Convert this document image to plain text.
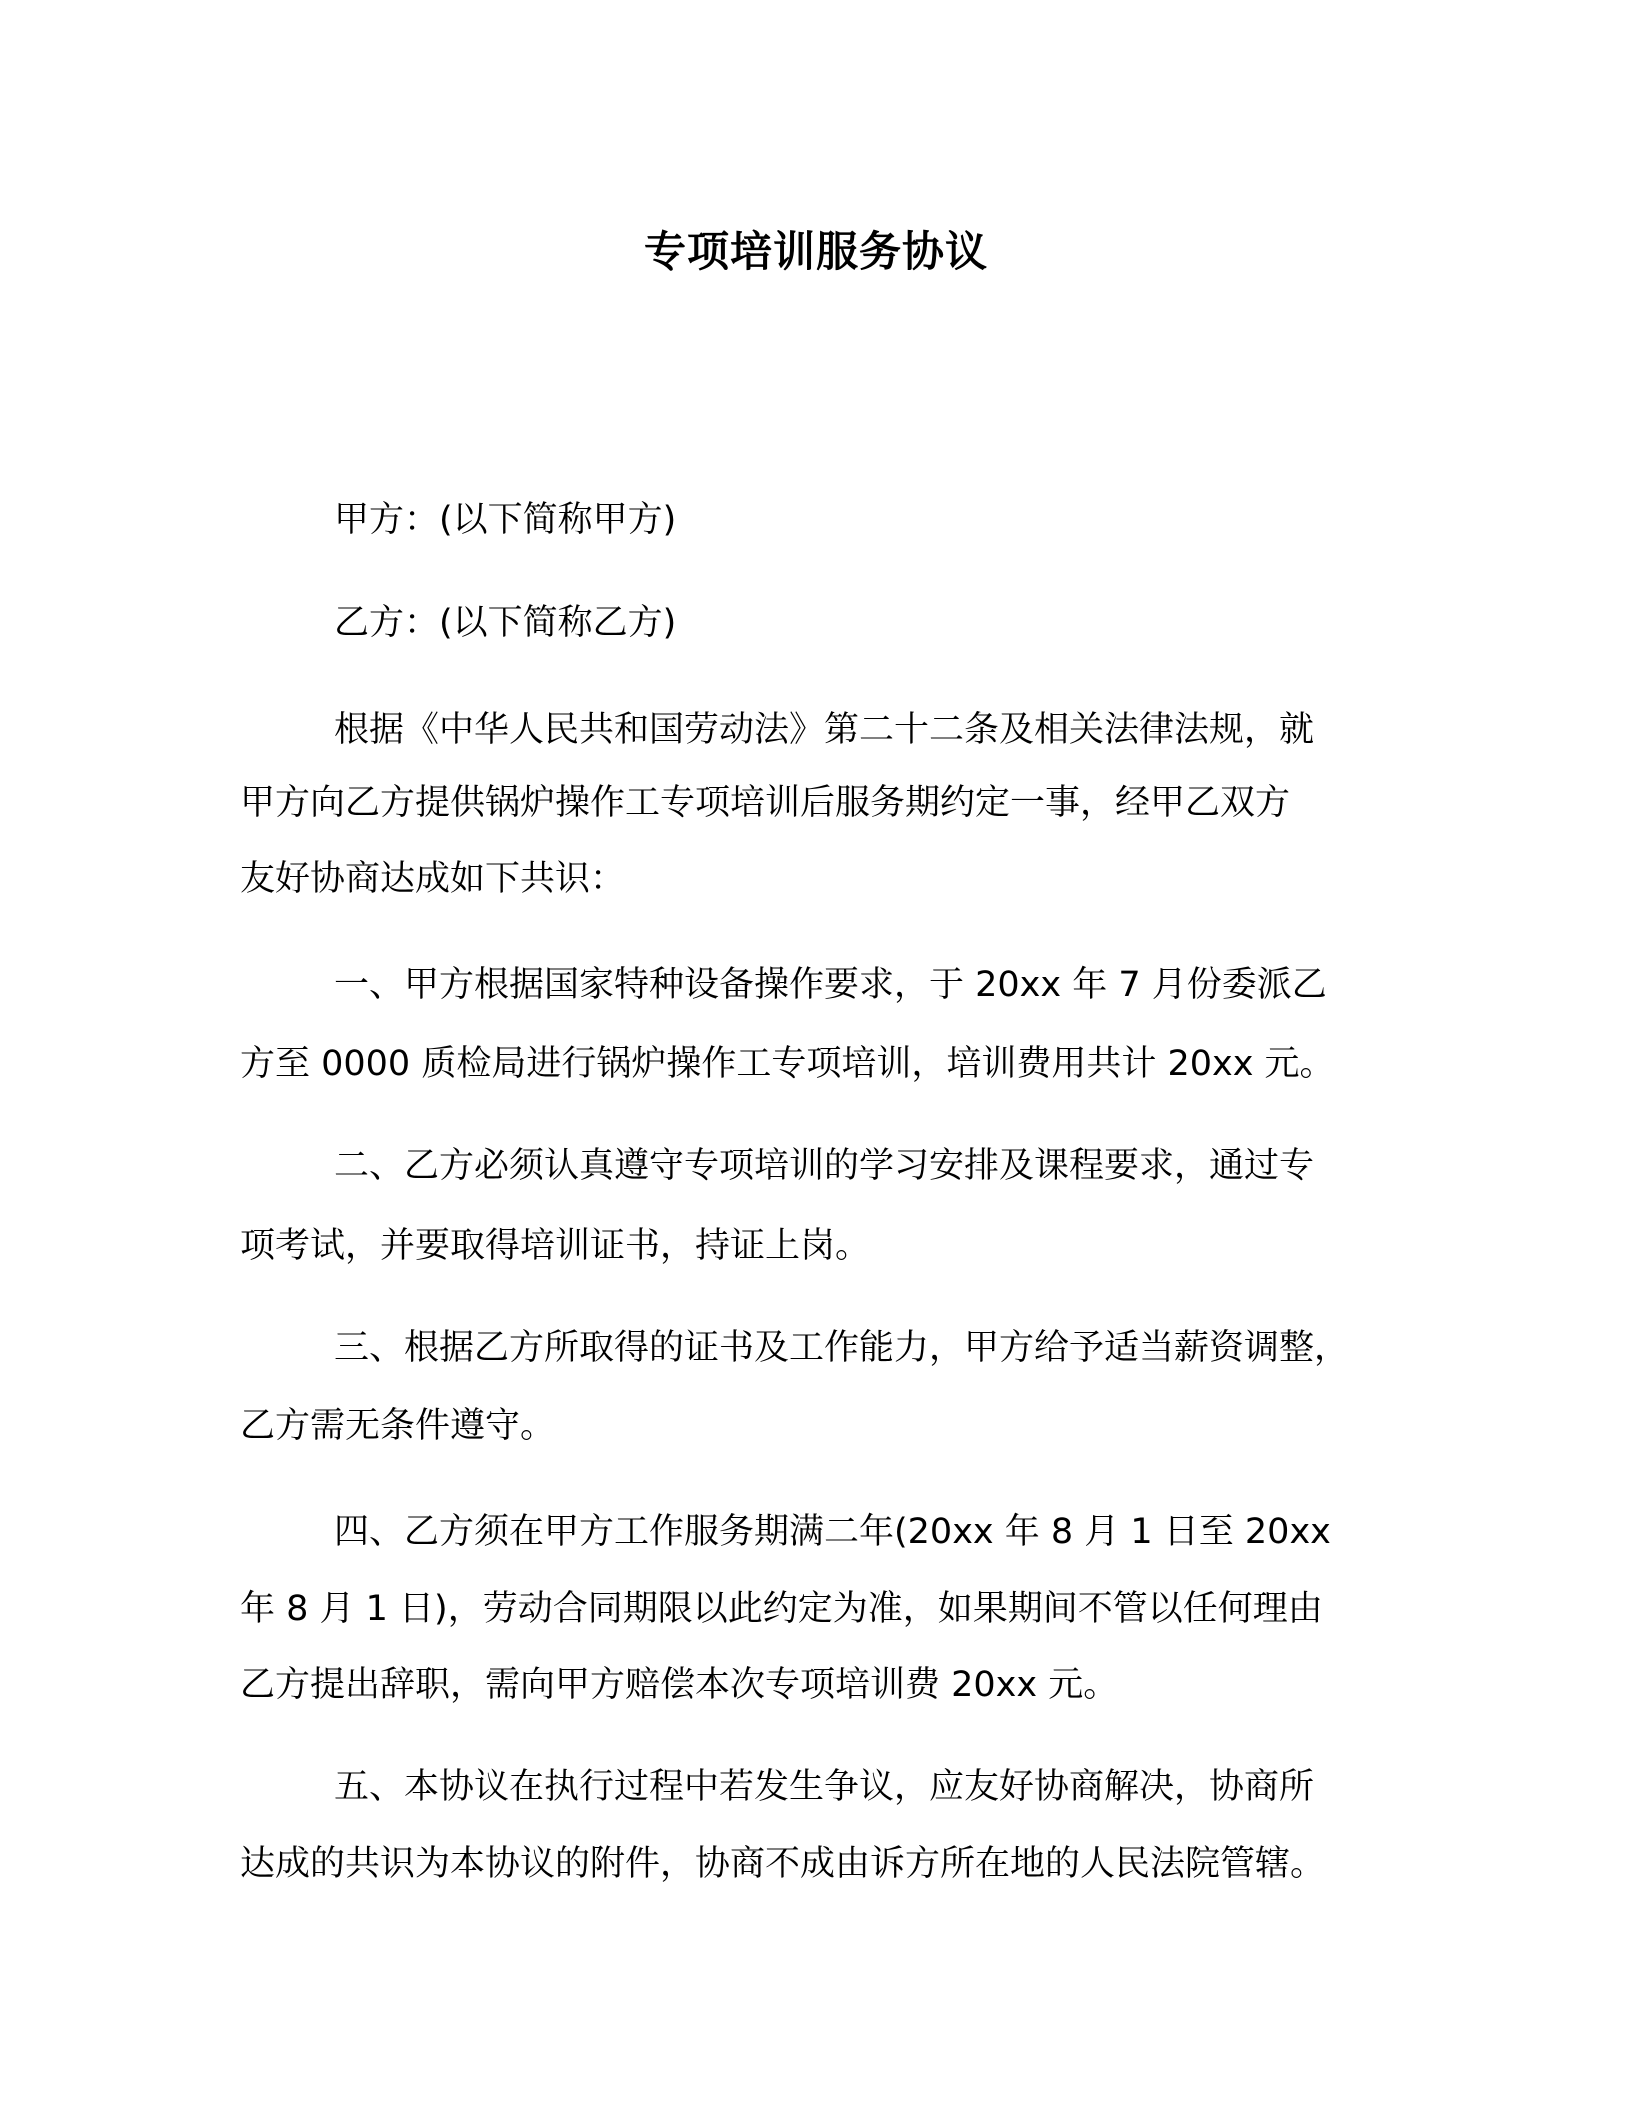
专项培训服务协议
甲方：(以下简称甲方)
乙方：(以下简称乙方)
根据《中华人民共和国劳动法》第二十二条及相关法律法规，就
甲方向乙方提供锅炉操作工专项培训后服务期约定一事，经甲乙双方
友好协商达成如下共识：
一、甲方根据国家特种设备操作要求，于 20xx 年 7 月份委派乙
方至 0000 质检局进行锅炉操作工专项培训，培训费用共计 20xx 元。
二、乙方必须认真遵守专项培训的学习安排及课程要求，通过专
项考试，并要取得培训证书，持证上岗。
三、根据乙方所取得的证书及工作能力，甲方给予适当薪资调整，
乙方需无条件遵守。
四、乙方须在甲方工作服务期满二年(20xx 年 8 月 1 日至 20xx
年 8 月 1 日)，劳动合同期限以此约定为准，如果期间不管以任何理由
乙方提出辞职，需向甲方赔偿本次专项培训费 20xx 元。
五、本协议在执行过程中若发生争议，应友好协商解决，协商所
达成的共识为本协议的附件，协商不成由诉方所在地的人民法院管辖。
